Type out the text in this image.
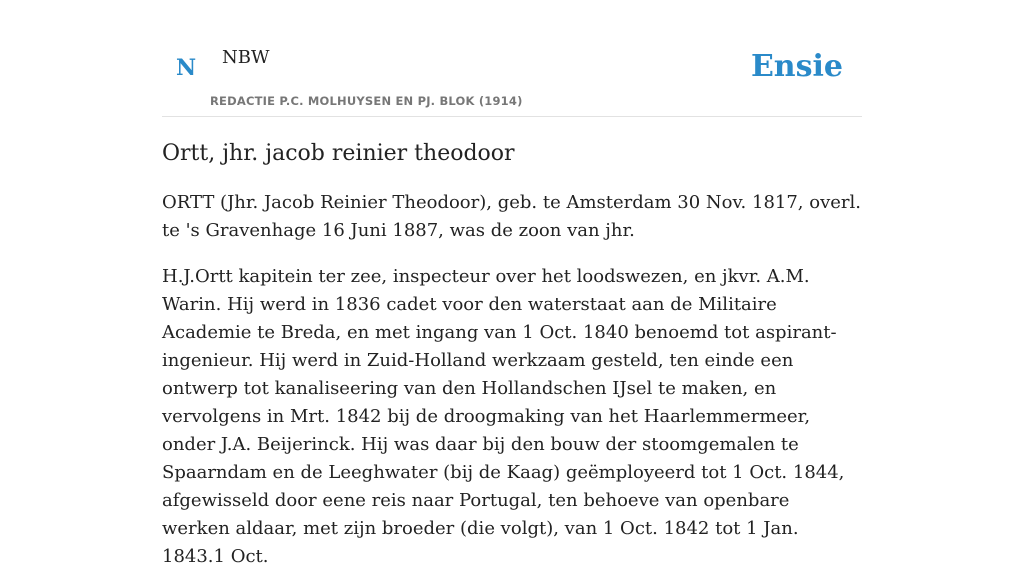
N NBW
REDACTIE P.C. MOLHUYSEN EN PJ. BLOK (1914)
Ensie
Ortt, jhr. jacob reinier theodoor

ORTT (Jhr. Jacob Reinier Theodoor), geb. te Amsterdam 30 Nov. 1817, overl. te 's Gravenhage 16 Juni 1887, was de zoon van jhr.

H.J.Ortt kapitein ter zee, inspecteur over het loodswezen, en jkvr. A.M. Warin. Hij werd in 1836 cadet voor den waterstaat aan de Militaire Academie te Breda, en met ingang van 1 Oct. 1840 benoemd tot aspirant-ingenieur. Hij werd in Zuid-Holland werkzaam gesteld, ten einde een ontwerp tot kanaliseering van den Hollandschen IJsel te maken, en vervolgens in Mrt. 1842 bij de droogmaking van het Haarlemmermeer, onder J.A. Beijerinck. Hij was daar bij den bouw der stoomgemalen te Spaarndam en de Leeghwater (bij de Kaag) geëmployeerd tot 1 Oct. 1844, afgewisseld door eene reis naar Portugal, ten behoeve van openbare werken aldaar, met zijn broeder (die volgt), van 1 Oct. 1842 tot 1 Jan. 1843.1 Oct.
